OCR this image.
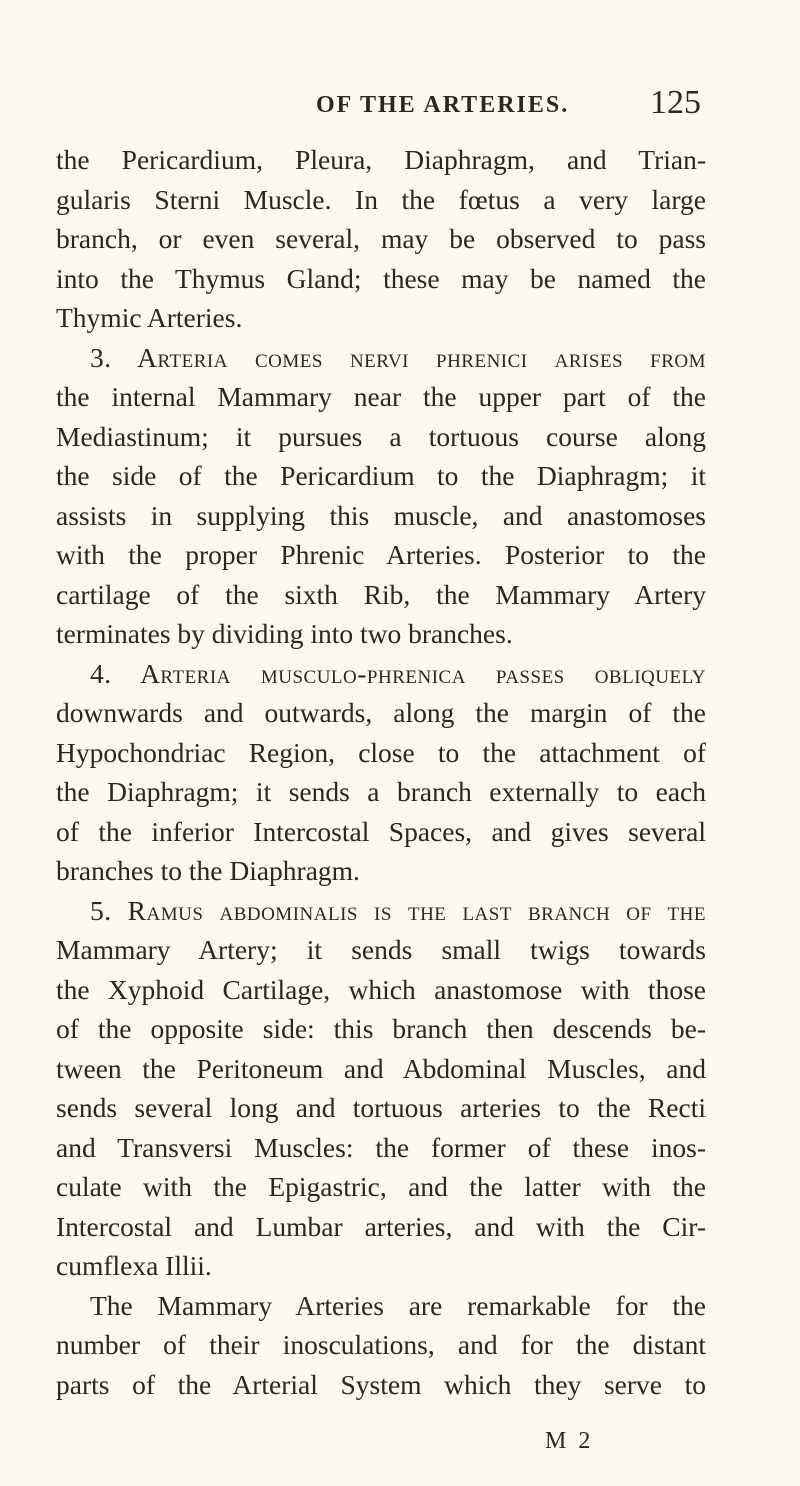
OF THE ARTERIES. 125
the Pericardium, Pleura, Diaphragm, and Trian-
gularis Sterni Muscle. In the fœtus a very large
branch, or even several, may be observed to pass
into the Thymus Gland; these may be named the
Thymic Arteries.
3. Arteria comes nervi phrenici arises from
the internal Mammary near the upper part of the
Mediastinum; it pursues a tortuous course along
the side of the Pericardium to the Diaphragm; it
assists in supplying this muscle, and anastomoses
with the proper Phrenic Arteries. Posterior to the
cartilage of the sixth Rib, the Mammary Artery
terminates by dividing into two branches.
4. Arteria musculo-phrenica passes obliquely
downwards and outwards, along the margin of the
Hypochondriac Region, close to the attachment of
the Diaphragm; it sends a branch externally to each
of the inferior Intercostal Spaces, and gives several
branches to the Diaphragm.
5. Ramus abdominalis is the last branch of the
Mammary Artery; it sends small twigs towards
the Xyphoid Cartilage, which anastomose with those
of the opposite side: this branch then descends be-
tween the Peritoneum and Abdominal Muscles, and
sends several long and tortuous arteries to the Recti
and Transversi Muscles: the former of these inos-
culate with the Epigastric, and the latter with the
Intercostal and Lumbar arteries, and with the Cir-
cumflexa Illii.
The Mammary Arteries are remarkable for the
number of their inosculations, and for the distant
parts of the Arterial System which they serve to
M 2
